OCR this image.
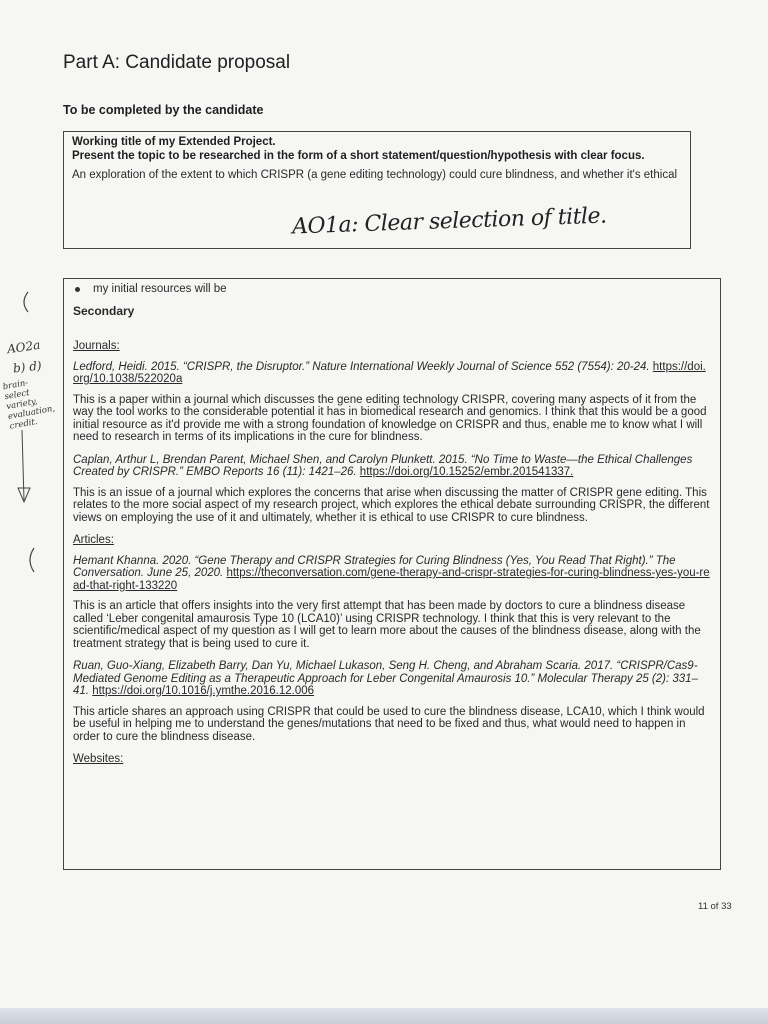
Part A: Candidate proposal
To be completed by the candidate
Working title of my Extended Project.
Present the topic to be researched in the form of a short statement/question/hypothesis with clear focus.
An exploration of the extent to which CRISPR (a gene editing technology) could cure blindness, and whether it's ethical
AO1a: Clear selection of title.
AO2a
b) d)
brain-select variety, evaluation, credit.
my initial resources will be
Secondary
Journals:
Ledford, Heidi. 2015. “CRISPR, the Disruptor.” Nature International Weekly Journal of Science 552 (7554): 20-24. https://doi.org/10.1038/522020a
This is a paper within a journal which discusses the gene editing technology CRISPR, covering many aspects of it from the way the tool works to the considerable potential it has in biomedical research and genomics. I think that this would be a good initial resource as it'd provide me with a strong foundation of knowledge on CRISPR and thus, enable me to know what I will need to research in terms of its implications in the cure for blindness.
Caplan, Arthur L, Brendan Parent, Michael Shen, and Carolyn Plunkett. 2015. “No Time to Waste—the Ethical Challenges Created by CRISPR.” EMBO Reports 16 (11): 1421–26. https://doi.org/10.15252/embr.201541337.
This is an issue of a journal which explores the concerns that arise when discussing the matter of CRISPR gene editing. This relates to the more social aspect of my research project, which explores the ethical debate surrounding CRISPR, the different views on employing the use of it and ultimately, whether it is ethical to use CRISPR to cure blindness.
Articles:
Hemant Khanna. 2020. “Gene Therapy and CRISPR Strategies for Curing Blindness (Yes, You Read That Right).” The Conversation. June 25, 2020. https://theconversation.com/gene-therapy-and-crispr-strategies-for-curing-blindness-yes-you-read-that-right-133220
This is an article that offers insights into the very first attempt that has been made by doctors to cure a blindness disease called ‘Leber congenital amaurosis Type 10 (LCA10)’ using CRISPR technology. I think that this is very relevant to the scientific/medical aspect of my question as I will get to learn more about the causes of the blindness disease, along with the treatment strategy that is being used to cure it.
Ruan, Guo-Xiang, Elizabeth Barry, Dan Yu, Michael Lukason, Seng H. Cheng, and Abraham Scaria. 2017. “CRISPR/Cas9-Mediated Genome Editing as a Therapeutic Approach for Leber Congenital Amaurosis 10.” Molecular Therapy 25 (2): 331–41. https://doi.org/10.1016/j.ymthe.2016.12.006
This article shares an approach using CRISPR that could be used to cure the blindness disease, LCA10, which I think would be useful in helping me to understand the genes/mutations that need to be fixed and thus, what would need to happen in order to cure the blindness disease.
Websites:
11 of 33
